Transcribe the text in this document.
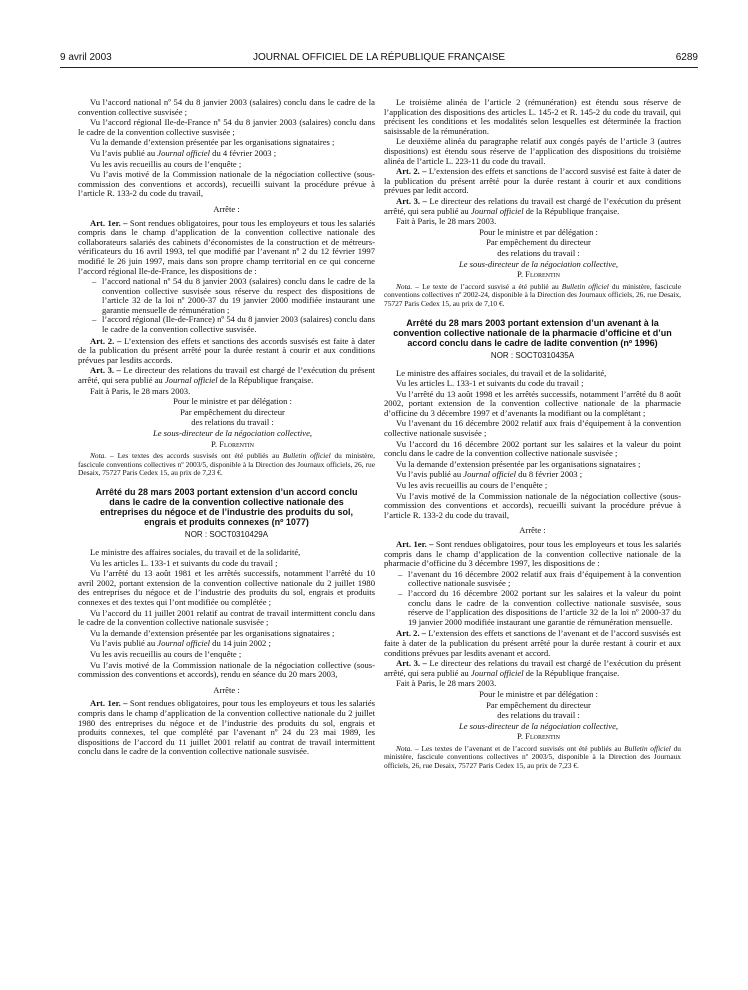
9 avril 2003	JOURNAL OFFICIEL DE LA RÉPUBLIQUE FRANÇAISE	6289

Vu l’accord national nº 54 du 8 janvier 2003 (salaires) conclu dans le cadre de la convention collective susvisée ;

Vu l’accord régional Ile-de-France nº 54 du 8 janvier 2003 (salaires) conclu dans le cadre de la convention collective susvisée ;

Vu la demande d’extension présentée par les organisations signataires ;

Vu l’avis publié au Journal officiel du 4 février 2003 ;

Vu les avis recueillis au cours de l’enquête ;

Vu l’avis motivé de la Commission nationale de la négociation collective (sous-commission des conventions et accords), recueilli suivant la procédure prévue à l’article R. 133-2 du code du travail,

Arrête :

Art. 1er. – Sont rendues obligatoires, pour tous les employeurs et tous les salariés compris dans le champ d’application de la convention collective nationale des collaborateurs salariés des cabinets d’économistes de la construction et de métreurs-vérificateurs du 16 avril 1993, tel que modifié par l’avenant nº 2 du 12 février 1997 modifié le 26 juin 1997, mais dans son propre champ territorial en ce qui concerne l’accord régional Ile-de-France, les dispositions de :

– l’accord national nº 54 du 8 janvier 2003 (salaires) conclu dans le cadre de la convention collective susvisée sous réserve du respect des dispositions de l’article 32 de la loi nº 2000-37 du 19 janvier 2000 modifiée instaurant une garantie mensuelle de rémunération ;
– l’accord régional (Ile-de-France) nº 54 du 8 janvier 2003 (salaires) conclu dans le cadre de la convention collective susvisée.

Art. 2. – L’extension des effets et sanctions des accords susvisés est faite à dater de la publication du présent arrêté pour la durée restant à courir et aux conditions prévues par lesdits accords.

Art. 3. – Le directeur des relations du travail est chargé de l’exécution du présent arrêté, qui sera publié au Journal officiel de la République française.

Fait à Paris, le 28 mars 2003.

Pour le ministre et par délégation :

Par empêchement du directeur

des relations du travail :

Le sous-directeur de la négociation collective,

P. Florentin

Nota. – Les textes des accords susvisés ont été publiés au Bulletin officiel du ministère, fascicule conventions collectives nº 2003/5, disponible à la Direction des Journaux officiels, 26, rue Desaix, 75727 Paris Cedex 15, au prix de 7,23 €.

Arrêté du 28 mars 2003 portant extension d’un accord conclu dans le cadre de la convention collective nationale des entreprises du négoce et de l’industrie des produits du sol, engrais et produits connexes (nº 1077)
NOR : SOCT0310429A

Le ministre des affaires sociales, du travail et de la solidarité,

Vu les articles L. 133-1 et suivants du code du travail ;

Vu l’arrêté du 13 août 1981 et les arrêtés successifs, notamment l’arrêté du 10 avril 2002, portant extension de la convention collective nationale du 2 juillet 1980 des entreprises du négoce et de l’industrie des produits du sol, engrais et produits connexes et des textes qui l’ont modifiée ou complétée ;

Vu l’accord du 11 juillet 2001 relatif au contrat de travail intermittent conclu dans le cadre de la convention collective nationale susvisée ;

Vu la demande d’extension présentée par les organisations signataires ;

Vu l’avis publié au Journal officiel du 14 juin 2002 ;

Vu les avis recueillis au cours de l’enquête ;

Vu l’avis motivé de la Commission nationale de la négociation collective (sous-commission des conventions et accords), rendu en séance du 20 mars 2003,

Arrête :

Art. 1er. – Sont rendues obligatoires, pour tous les employeurs et tous les salariés compris dans le champ d’application de la convention collective nationale du 2 juillet 1980 des entreprises du négoce et de l’industrie des produits du sol, engrais et produits connexes, tel que complété par l’avenant nº 24 du 23 mai 1989, les dispositions de l’accord du 11 juillet 2001 relatif au contrat de travail intermittent conclu dans le cadre de la convention collective nationale susvisée.

Le troisième alinéa de l’article 2 (rémunération) est étendu sous réserve de l’application des dispositions des articles L. 145-2 et R. 145-2 du code du travail, qui précisent les conditions et les modalités selon lesquelles est déterminée la fraction saisissable de la rémunération.

Le deuxième alinéa du paragraphe relatif aux congés payés de l’article 3 (autres dispositions) est étendu sous réserve de l’application des dispositions du troisième alinéa de l’article L. 223-11 du code du travail.

Art. 2. – L’extension des effets et sanctions de l’accord susvisé est faite à dater de la publication du présent arrêté pour la durée restant à courir et aux conditions prévues par ledit accord.

Art. 3. – Le directeur des relations du travail est chargé de l’exécution du présent arrêté, qui sera publié au Journal officiel de la République française.

Fait à Paris, le 28 mars 2003.

Pour le ministre et par délégation :

Par empêchement du directeur

des relations du travail :

Le sous-directeur de la négociation collective,

P. Florentin

Nota. – Le texte de l’accord susvisé a été publié au Bulletin officiel du ministère, fascicule conventions collectives nº 2002-24, disponible à la Direction des Journaux officiels, 26, rue Desaix, 75727 Paris Cedex 15, au prix de 7,10 €.

Arrêté du 28 mars 2003 portant extension d’un avenant à la convention collective nationale de la pharmacie d’officine et d’un accord conclu dans le cadre de ladite convention (nº 1996)
NOR : SOCT0310435A

Le ministre des affaires sociales, du travail et de la solidarité,

Vu les articles L. 133-1 et suivants du code du travail ;

Vu l’arrêté du 13 août 1998 et les arrêtés successifs, notamment l’arrêté du 8 août 2002, portant extension de la convention collective nationale de la pharmacie d’officine du 3 décembre 1997 et d’avenants la modifiant ou la complétant ;

Vu l’avenant du 16 décembre 2002 relatif aux frais d’équipement à la convention collective nationale susvisée ;

Vu l’accord du 16 décembre 2002 portant sur les salaires et la valeur du point conclu dans le cadre de la convention collective nationale susvisée ;

Vu la demande d’extension présentée par les organisations signataires ;

Vu l’avis publié au Journal officiel du 8 février 2003 ;

Vu les avis recueillis au cours de l’enquête ;

Vu l’avis motivé de la Commission nationale de la négociation collective (sous-commission des conventions et accords), recueilli suivant la procédure prévue à l’article R. 133-2 du code du travail,

Arrête :

Art. 1er. – Sont rendues obligatoires, pour tous les employeurs et tous les salariés compris dans le champ d’application de la convention collective nationale de la pharmacie d’officine du 3 décembre 1997, les dispositions de :

– l’avenant du 16 décembre 2002 relatif aux frais d’équipement à la convention collective nationale susvisée ;
– l’accord du 16 décembre 2002 portant sur les salaires et la valeur du point conclu dans le cadre de la convention collective nationale susvisée, sous réserve de l’application des dispositions de l’article 32 de la loi nº 2000-37 du 19 janvier 2000 modifiée instaurant une garantie de rémunération mensuelle.

Art. 2. – L’extension des effets et sanctions de l’avenant et de l’accord susvisés est faite à dater de la publication du présent arrêté pour la durée restant à courir et aux conditions prévues par lesdits avenant et accord.

Art. 3. – Le directeur des relations du travail est chargé de l’exécution du présent arrêté, qui sera publié au Journal officiel de la République française.

Fait à Paris, le 28 mars 2003.

Pour le ministre et par délégation :

Par empêchement du directeur

des relations du travail :

Le sous-directeur de la négociation collective,

P. Florentin

Nota. – Les textes de l’avenant et de l’accord susvisés ont été publiés au Bulletin officiel du ministère, fascicule conventions collectives nº 2003/5, disponible à la Direction des Journaux officiels, 26, rue Desaix, 75727 Paris Cedex 15, au prix de 7,23 €.
